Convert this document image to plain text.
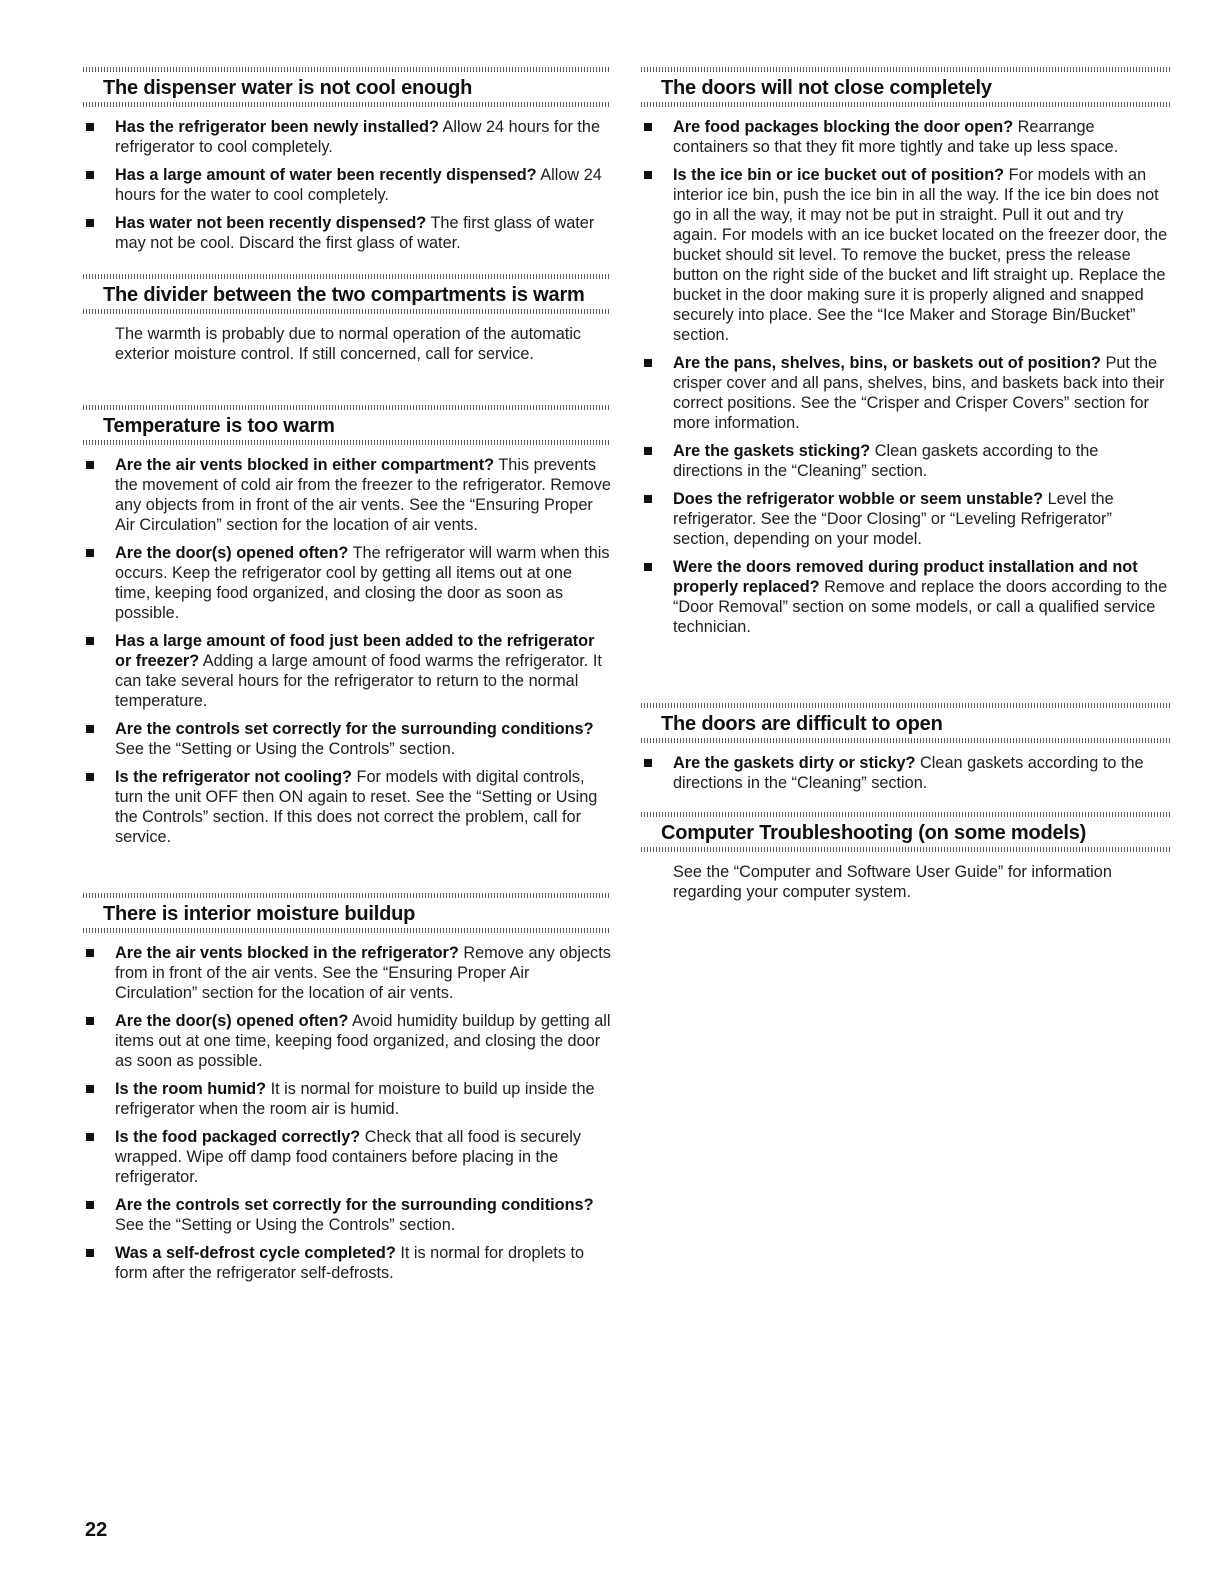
The dispenser water is not cool enough
Has the refrigerator been newly installed? Allow 24 hours for the refrigerator to cool completely.
Has a large amount of water been recently dispensed? Allow 24 hours for the water to cool completely.
Has water not been recently dispensed? The first glass of water may not be cool. Discard the first glass of water.
The divider between the two compartments is warm

The warmth is probably due to normal operation of the automatic exterior moisture control. If still concerned, call for service.

Temperature is too warm
Are the air vents blocked in either compartment? This prevents the movement of cold air from the freezer to the refrigerator. Remove any objects from in front of the air vents. See the “Ensuring Proper Air Circulation” section for the location of air vents.
Are the door(s) opened often? The refrigerator will warm when this occurs. Keep the refrigerator cool by getting all items out at one time, keeping food organized, and closing the door as soon as possible.
Has a large amount of food just been added to the refrigerator or freezer? Adding a large amount of food warms the refrigerator. It can take several hours for the refrigerator to return to the normal temperature.
Are the controls set correctly for the surrounding conditions? See the “Setting or Using the Controls” section.
Is the refrigerator not cooling? For models with digital controls, turn the unit OFF then ON again to reset. See the “Setting or Using the Controls” section. If this does not correct the problem, call for service.
There is interior moisture buildup
Are the air vents blocked in the refrigerator? Remove any objects from in front of the air vents. See the “Ensuring Proper Air Circulation” section for the location of air vents.
Are the door(s) opened often? Avoid humidity buildup by getting all items out at one time, keeping food organized, and closing the door as soon as possible.
Is the room humid? It is normal for moisture to build up inside the refrigerator when the room air is humid.
Is the food packaged correctly? Check that all food is securely wrapped. Wipe off damp food containers before placing in the refrigerator.
Are the controls set correctly for the surrounding conditions? See the “Setting or Using the Controls” section.
Was a self-defrost cycle completed? It is normal for droplets to form after the refrigerator self-defrosts.
The doors will not close completely
Are food packages blocking the door open? Rearrange containers so that they fit more tightly and take up less space.
Is the ice bin or ice bucket out of position? For models with an interior ice bin, push the ice bin in all the way. If the ice bin does not go in all the way, it may not be put in straight. Pull it out and try again. For models with an ice bucket located on the freezer door, the bucket should sit level. To remove the bucket, press the release button on the right side of the bucket and lift straight up. Replace the bucket in the door making sure it is properly aligned and snapped securely into place. See the “Ice Maker and Storage Bin/Bucket” section.
Are the pans, shelves, bins, or baskets out of position? Put the crisper cover and all pans, shelves, bins, and baskets back into their correct positions. See the “Crisper and Crisper Covers” section for more information.
Are the gaskets sticking? Clean gaskets according to the directions in the “Cleaning” section.
Does the refrigerator wobble or seem unstable? Level the refrigerator. See the “Door Closing” or “Leveling Refrigerator” section, depending on your model.
Were the doors removed during product installation and not properly replaced? Remove and replace the doors according to the “Door Removal” section on some models, or call a qualified service technician.
The doors are difficult to open
Are the gaskets dirty or sticky? Clean gaskets according to the directions in the “Cleaning” section.
Computer Troubleshooting (on some models)

See the “Computer and Software User Guide” for information regarding your computer system.

22
